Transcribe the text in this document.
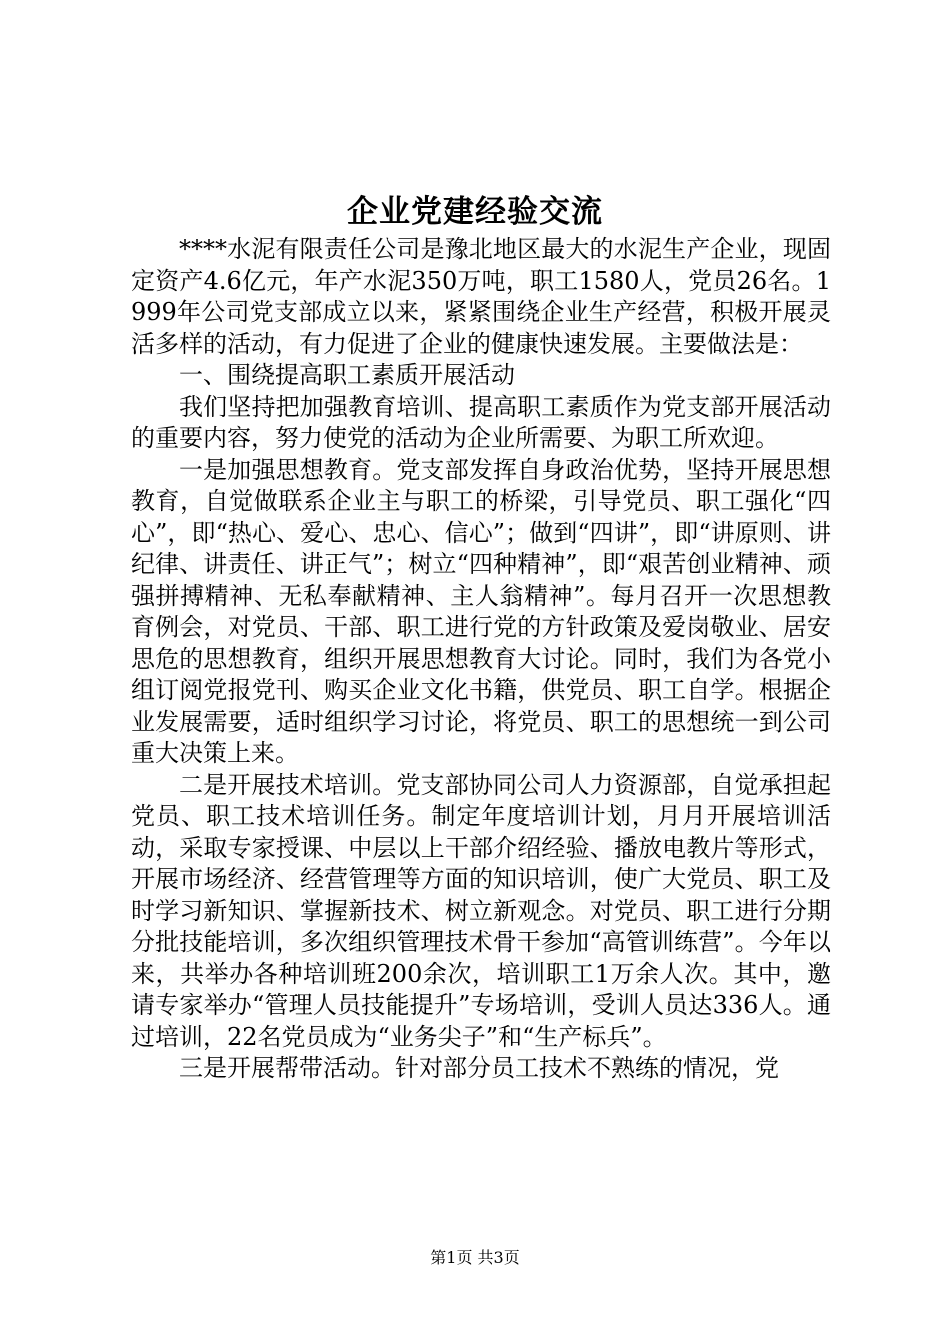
企业党建经验交流

****水泥有限责任公司是豫北地区最大的水泥生产企业，现固定资产4.6亿元，年产水泥350万吨，职工1580人，党员26名。1999年公司党支部成立以来，紧紧围绕企业生产经营，积极开展灵活多样的活动，有力促进了企业的健康快速发展。主要做法是：

一、围绕提高职工素质开展活动

我们坚持把加强教育培训、提高职工素质作为党支部开展活动的重要内容，努力使党的活动为企业所需要、为职工所欢迎。

一是加强思想教育。党支部发挥自身政治优势，坚持开展思想教育，自觉做联系企业主与职工的桥梁，引导党员、职工强化“四心”，即“热心、爱心、忠心、信心”；做到“四讲”，即“讲原则、讲纪律、讲责任、讲正气”；树立“四种精神”，即“艰苦创业精神、顽强拼搏精神、无私奉献精神、主人翁精神”。每月召开一次思想教育例会，对党员、干部、职工进行党的方针政策及爱岗敬业、居安思危的思想教育，组织开展思想教育大讨论。同时，我们为各党小组订阅党报党刊、购买企业文化书籍，供党员、职工自学。根据企业发展需要，适时组织学习讨论，将党员、职工的思想统一到公司重大决策上来。

二是开展技术培训。党支部协同公司人力资源部，自觉承担起党员、职工技术培训任务。制定年度培训计划，月月开展培训活动，采取专家授课、中层以上干部介绍经验、播放电教片等形式，开展市场经济、经营管理等方面的知识培训，使广大党员、职工及时学习新知识、掌握新技术、树立新观念。对党员、职工进行分期分批技能培训，多次组织管理技术骨干参加“高管训练营”。今年以来，共举办各种培训班200余次，培训职工1万余人次。其中，邀请专家举办“管理人员技能提升”专场培训，受训人员达336人。通过培训，22名党员成为“业务尖子”和“生产标兵”。

三是开展帮带活动。针对部分员工技术不熟练的情况，党

第1页 共3页
